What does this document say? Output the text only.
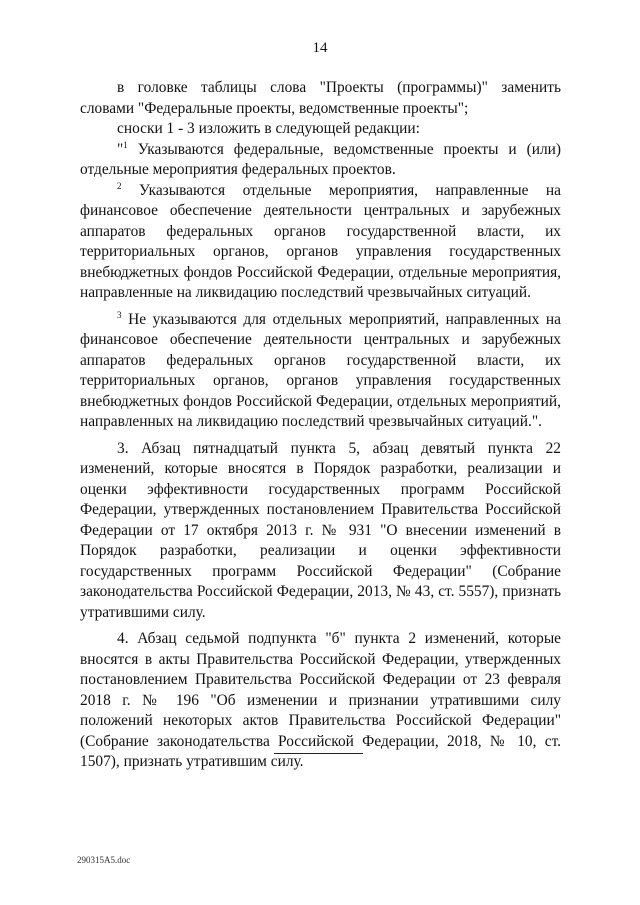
14

в головке таблицы слова "Проекты (программы)" заменить словами "Федеральные проекты, ведомственные проекты";

сноски 1 - 3 изложить в следующей редакции:

"$^1$ Указываются федеральные, ведомственные проекты и (или) отдельные мероприятия федеральных проектов.

$^2$ Указываются отдельные мероприятия, направленные на финансовое обеспечение деятельности центральных и зарубежных аппаратов федеральных органов государственной власти, их территориальных органов, органов управления государственных внебюджетных фондов Российской Федерации, отдельные мероприятия, направленные на ликвидацию последствий чрезвычайных ситуаций.

$^3$ Не указываются для отдельных мероприятий, направленных на финансовое обеспечение деятельности центральных и зарубежных аппаратов федеральных органов государственной власти, их территориальных органов, органов управления государственных внебюджетных фондов Российской Федерации, отдельных мероприятий, направленных на ликвидацию последствий чрезвычайных ситуаций.".

3. Абзац пятнадцатый пункта 5, абзац девятый пункта 22 изменений, которые вносятся в Порядок разработки, реализации и оценки эффективности государственных программ Российской Федерации, утвержденных постановлением Правительства Российской Федерации от 17 октября 2013 г. № 931 "О внесении изменений в Порядок разработки, реализации и оценки эффективности государственных программ Российской Федерации" (Собрание законодательства Российской Федерации, 2013, № 43, ст. 5557), признать утратившими силу.

4. Абзац седьмой подпункта "б" пункта 2 изменений, которые вносятся в акты Правительства Российской Федерации, утвержденных постановлением Правительства Российской Федерации от 23 февраля 2018 г. № 196 "Об изменении и признании утратившими силу положений некоторых актов Правительства Российской Федерации" (Собрание законодательства Российской Федерации, 2018, № 10, ст. 1507), признать утратившим силу.

290315А5.doc
